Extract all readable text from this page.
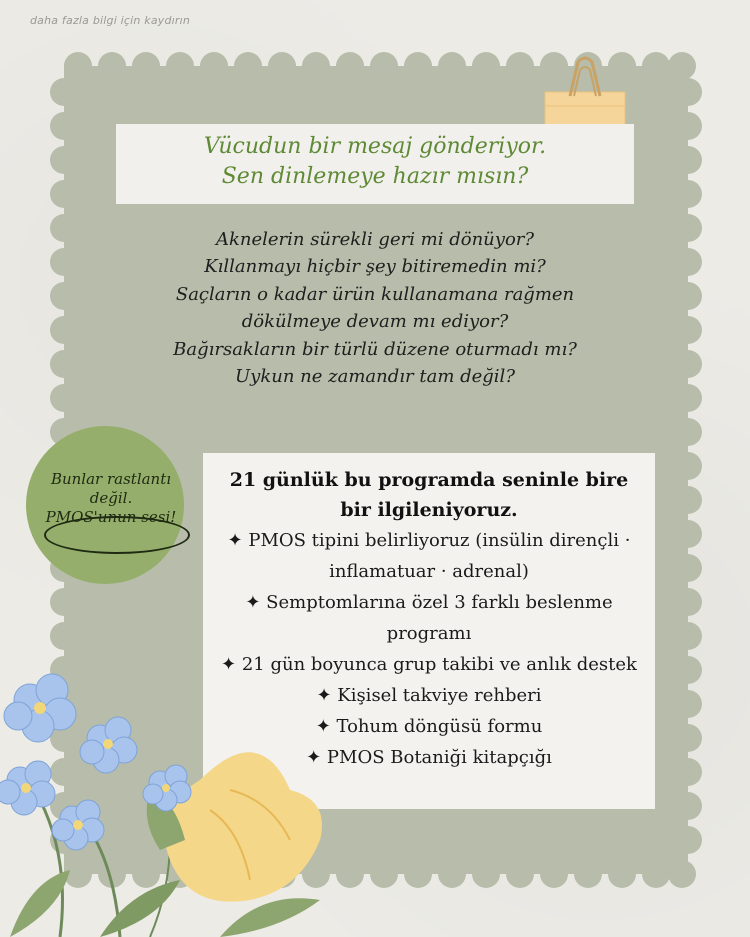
daha fazla bilgi için kaydırın
Vücudun bir mesaj gönderiyor.
Sen dinlemeye hazır mısın?
Aknelerin sürekli geri mi dönüyor?
Kıllanmayı hiçbir şey bitiremedin mi?
Saçların o kadar ürün kullanamana rağmen
dökülmeye devam mı ediyor?
Bağırsakların bir türlü düzene oturmadı mı?
Uykun ne zamandır tam değil?
Bunlar rastlantı
değil.
PMOS'unun sesi!
21 günlük bu programda seninle bire bir ilgileniyoruz.
✦ PMOS tipini belirliyoruz (insülin dirençli · inflamatuar · adrenal)
✦ Semptomlarına özel 3 farklı beslenme programı
✦ 21 gün boyunca grup takibi ve anlık destek
✦ Kişisel takviye rehberi
✦ Tohum döngüsü formu
✦ PMOS Botaniği kitapçığı
